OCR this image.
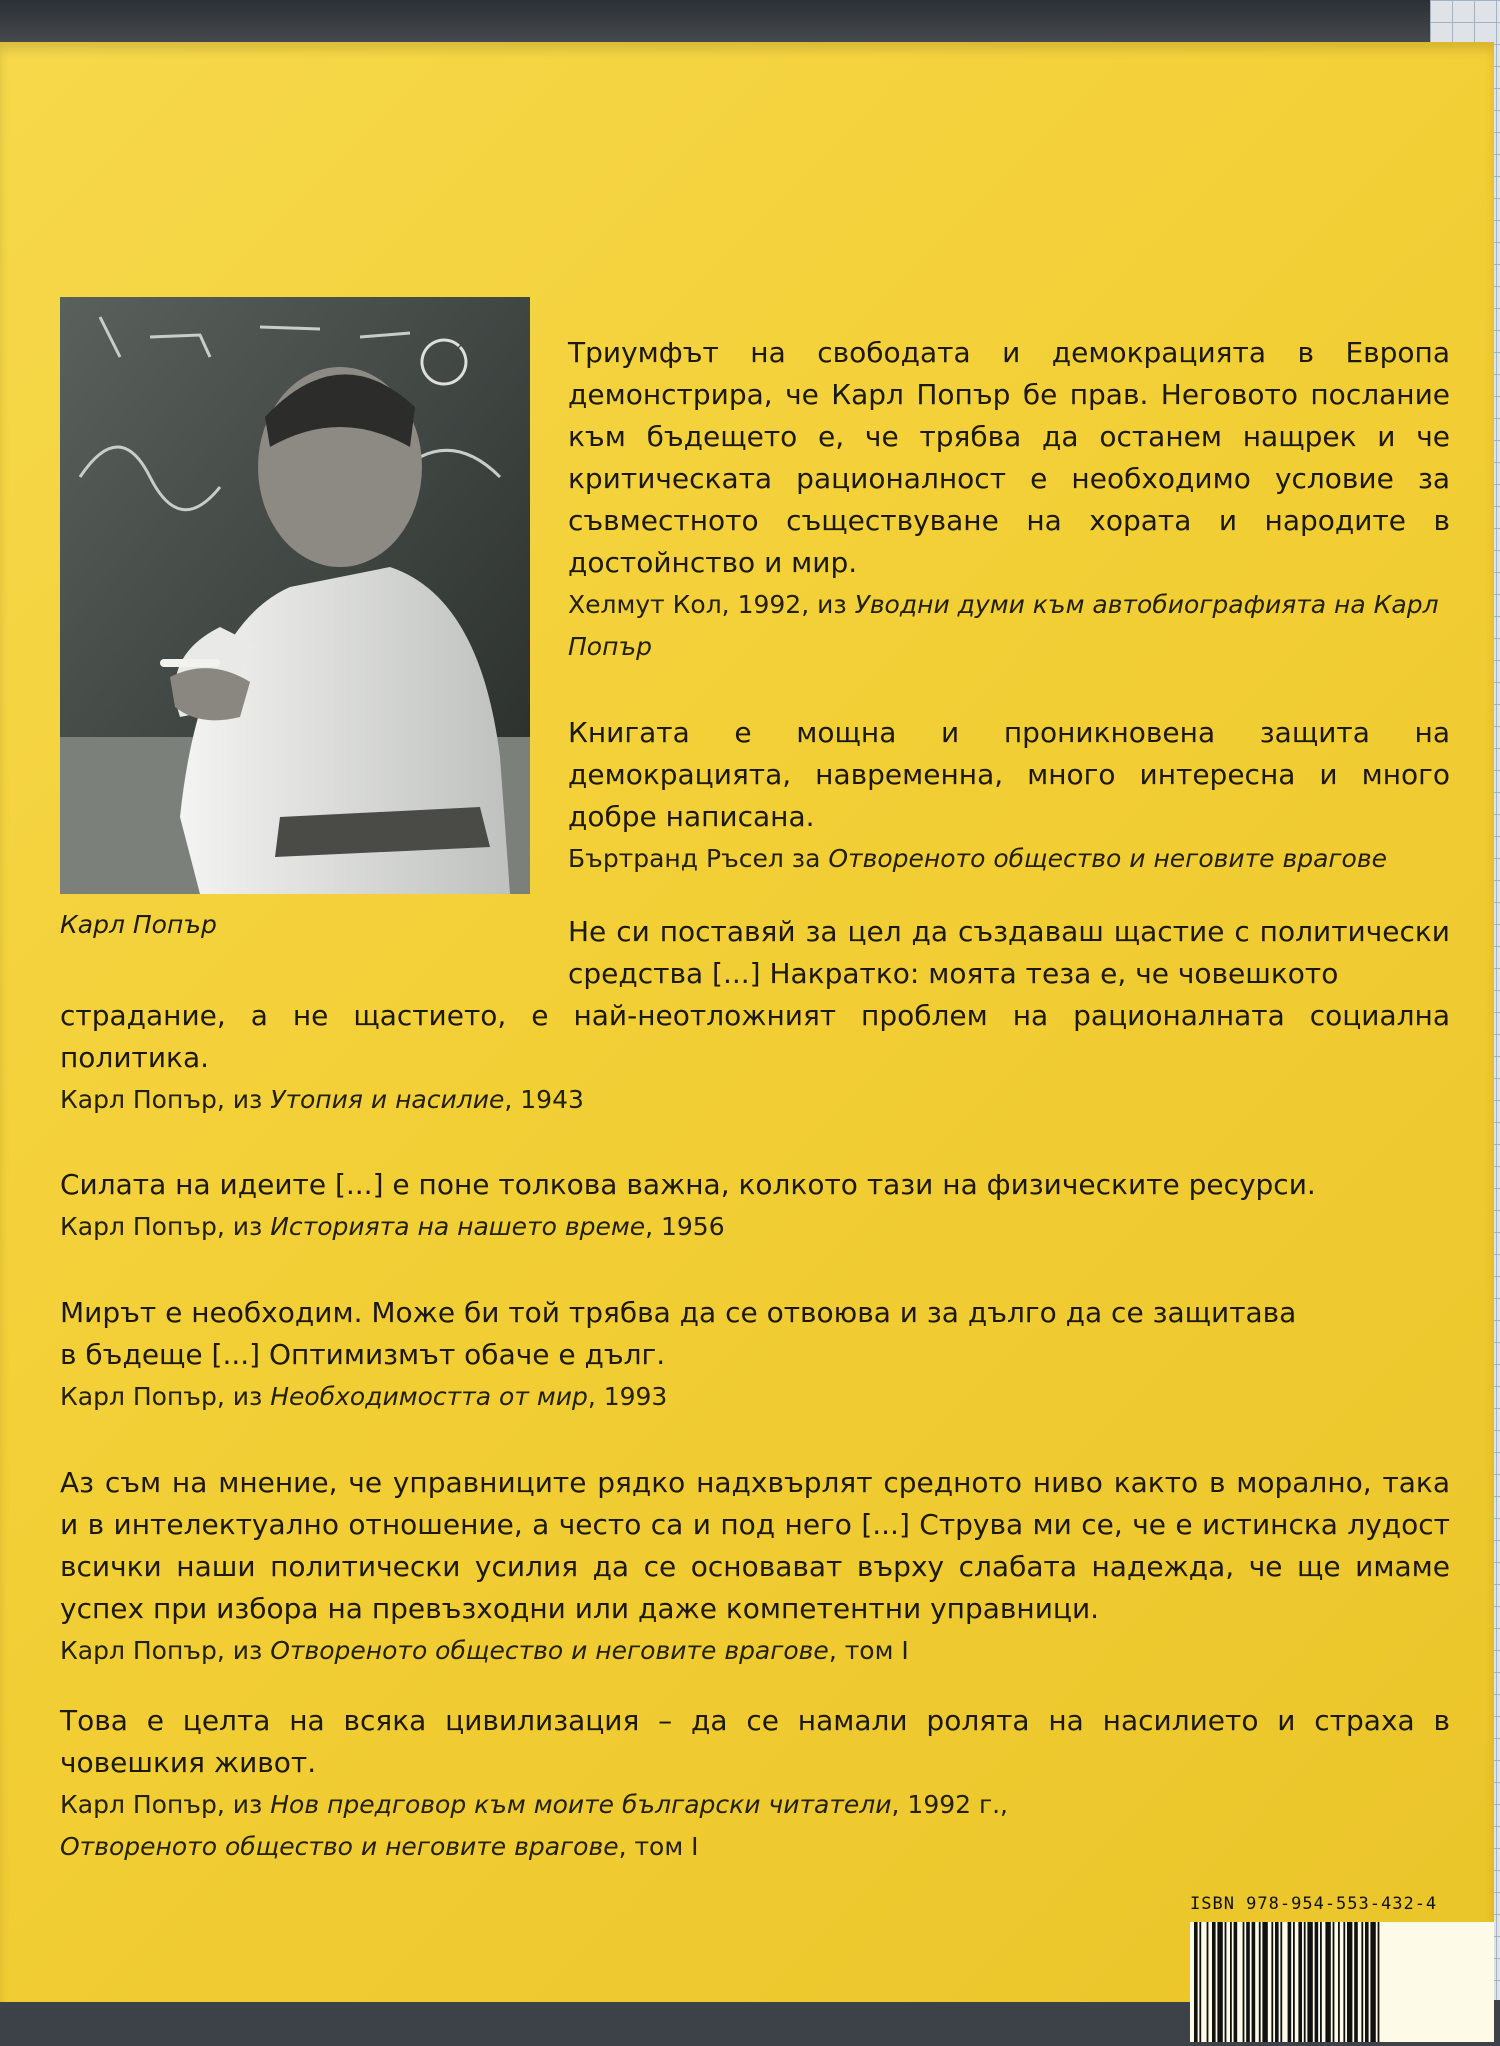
Карл Попър

Триумфът на свободата и демокрацията в Европа демонстрира, че Карл Попър бе прав. Неговото послание към бъдещето е, че трябва да останем нащрек и че критическата рационалност е необходимо условие за съвместното съществуване на хората и народите в достойнство и мир.

Хелмут Кол, 1992, из Уводни думи към автобиографията на Карл Попър

Книгата е мощна и проникновена защита на демокрацията, навременна, много интересна и много добре написана.

Бъртранд Ръсел за Отвореното общество и неговите врагове

Не си поставяй за цел да създаваш щастие с политически средства [...] Накратко: моята теза е, че човешкото

страдание, а не щастието, е най-неотложният проблем на рационалната социална политика.

Карл Попър, из Утопия и насилие, 1943

Силата на идеите [...] е поне толкова важна, колкото тази на физическите ресурси.

Карл Попър, из Историята на нашето време, 1956

Мирът е необходим. Може би той трябва да се отвоюва и за дълго да се защитава

в бъдеще [...] Оптимизмът обаче е дълг.

Карл Попър, из Необходимостта от мир, 1993

Аз съм на мнение, че управниците рядко надхвърлят средното ниво както в морално, така и в интелектуално отношение, а често са и под него [...] Струва ми се, че е истинска лудост всички наши политически усилия да се основават върху слабата надежда, че ще имаме успех при избора на превъзходни или даже компетентни управници.

Карл Попър, из Отвореното общество и неговите врагове, том I

Това е целта на всяка цивилизация – да се намали ролята на насилието и страха в човешкия живот.

Карл Попър, из Нов предговор към моите български читатели, 1992 г.,
Отвореното общество и неговите врагове, том I
ISBN 978-954-553-432-4
